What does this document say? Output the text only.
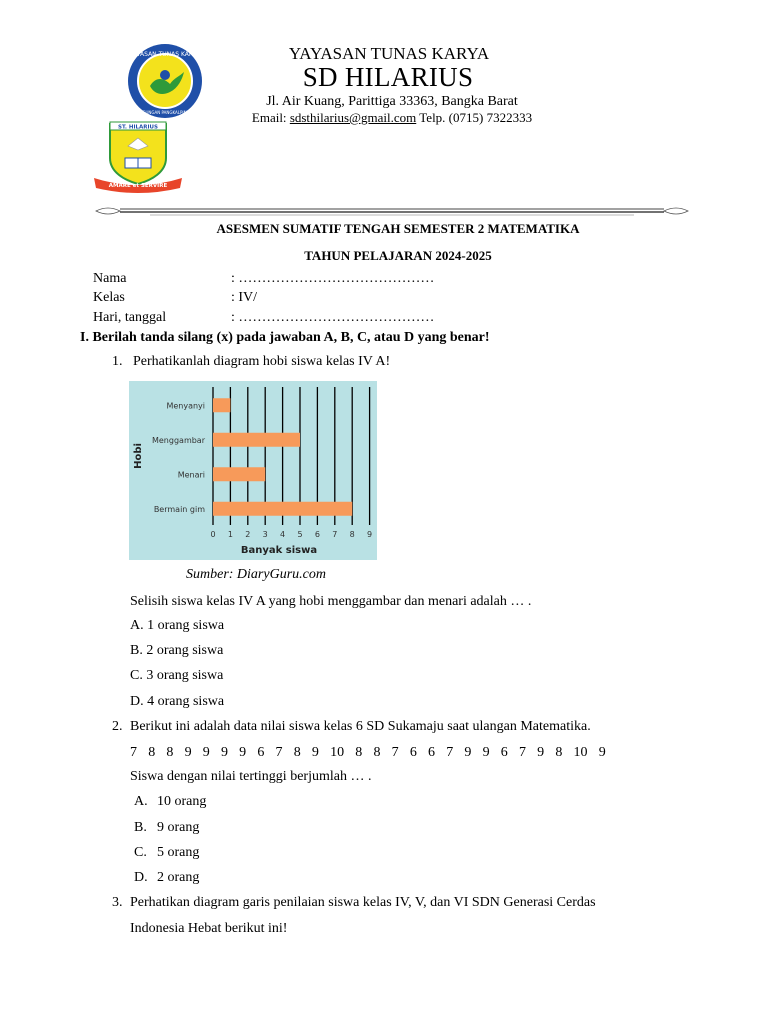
YAYASAN TUNAS KARYA
KEAGUNGAN PANGKALPINANG
ST. HILARIUS
AMARE et SERVIRE
YAYASAN TUNAS KARYA
SD HILARIUS
Jl. Air Kuang, Parittiga 33363, Bangka Barat
Email: sdsthilarius@gmail.com Telp. (0715) 7322333
ASESMEN SUMATIF TENGAH SEMESTER 2 MATEMATIKA
TAHUN PELAJARAN 2024-2025
Nama	: ……………………………………
Kelas	: IV/
Hari, tanggal	: ……………………………………
I. Berilah tanda silang (x) pada jawaban A, B, C, atau D yang benar!
1. Perhatikanlah diagram hobi siswa kelas IV A!
Menyanyi
Menggambar
Menari
Bermain gim
0 1 2 3 4 5 6 7 8 9
Banyak siswa
Hobi
Sumber: DiaryGuru.com
Selisih siswa kelas IV A yang hobi menggambar dan menari adalah … .
A. 1 orang siswa
B. 2 orang siswa
C. 3 orang siswa
D. 4 orang siswa
2. Berikut ini adalah data nilai siswa kelas 6 SD Sukamaju saat ulangan Matematika.
7 8 8 9 9 9 9 6 7 8 9 10 8 8 7 6 6 7 9 9 6 7 9 8 10 9
Siswa dengan nilai tertinggi berjumlah … .
A. 10 orang
B. 9 orang
C. 5 orang
D. 2 orang
3. Perhatikan diagram garis penilaian siswa kelas IV, V, dan VI SDN Generasi Cerdas
Indonesia Hebat berikut ini!
